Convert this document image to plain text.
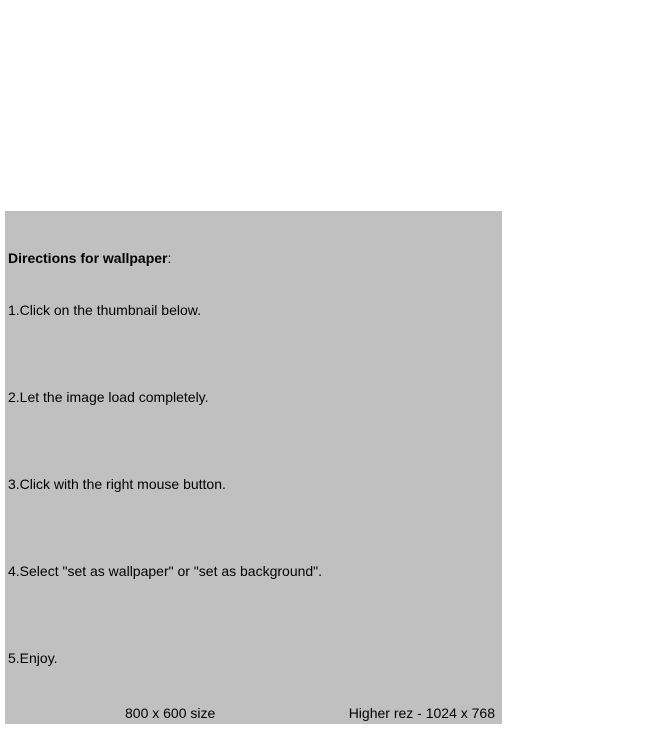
Directions for wallpaper:
1.Click on the thumbnail below.
2.Let the image load completely.
3.Click with the right mouse button.
4.Select "set as wallpaper" or "set as background".
5.Enjoy.
800 x 600 size	Higher rez - 1024 x 768
